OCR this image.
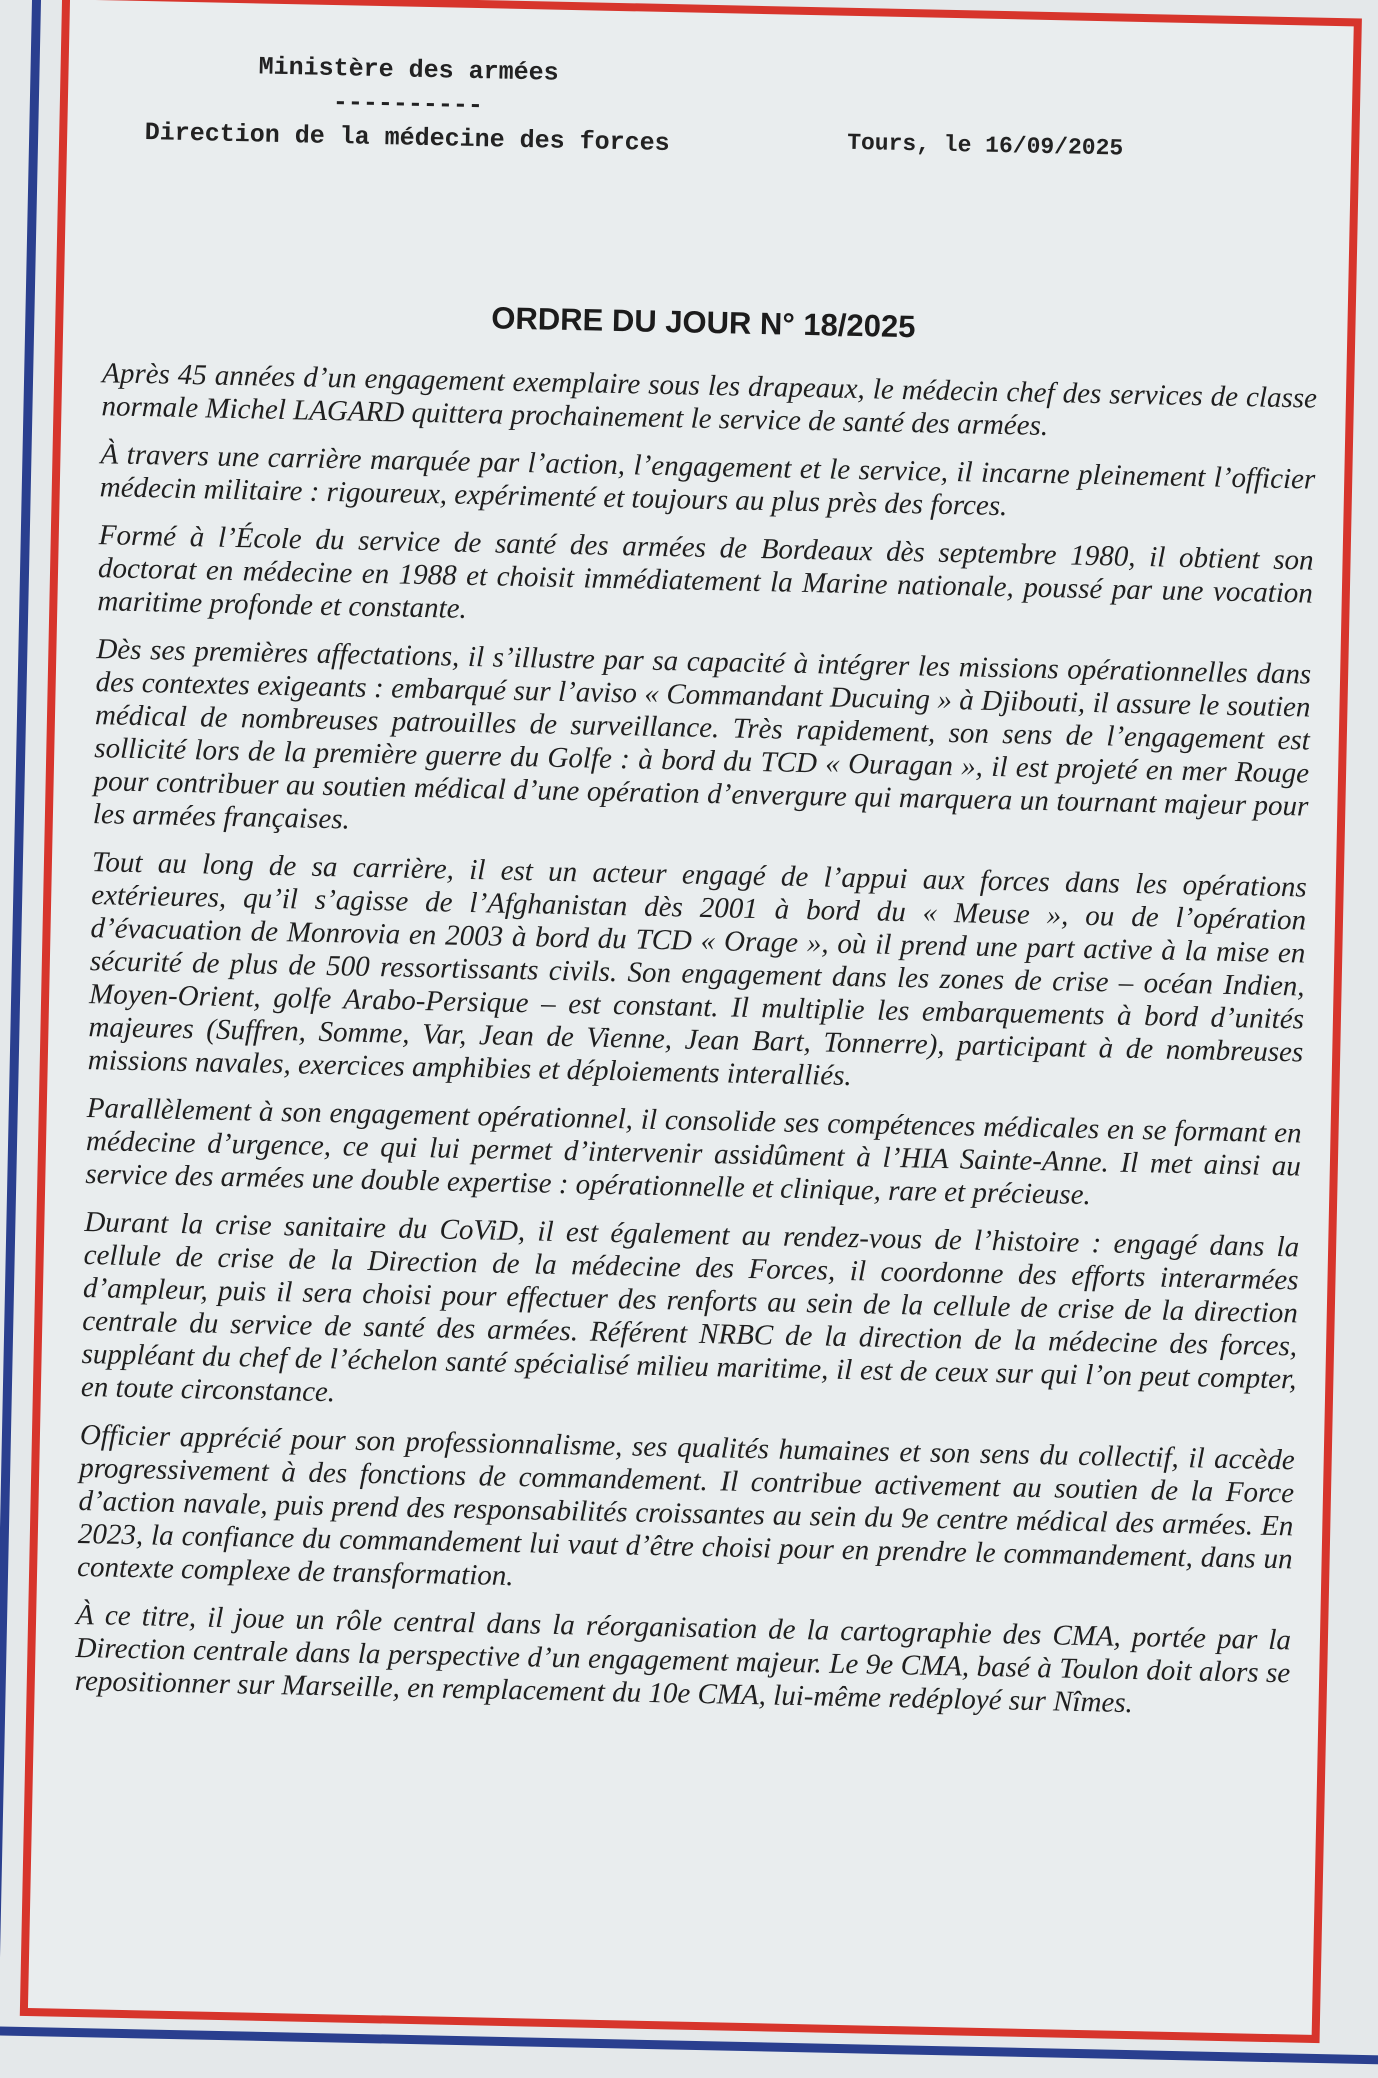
Ministère des armées
----------
Direction de la médecine des forces	Tours, le 16/09/2025
ORDRE DU JOUR N° 18/2025

Après 45 années d’un engagement exemplaire sous les drapeaux, le médecin chef des services de classe normale Michel LAGARD quittera prochainement le service de santé des armées.

À travers une carrière marquée par l’action, l’engagement et le service, il incarne pleinement l’officier médecin militaire : rigoureux, expérimenté et toujours au plus près des forces.

Formé à l’École du service de santé des armées de Bordeaux dès septembre 1980, il obtient son doctorat en médecine en 1988 et choisit immédiatement la Marine nationale, poussé par une vocation maritime profonde et constante.

Dès ses premières affectations, il s’illustre par sa capacité à intégrer les missions opérationnelles dans des contextes exigeants : embarqué sur l’aviso « Commandant Ducuing » à Djibouti, il assure le soutien médical de nombreuses patrouilles de surveillance. Très rapidement, son sens de l’engagement est sollicité lors de la première guerre du Golfe : à bord du TCD « Ouragan », il est projeté en mer Rouge pour contribuer au soutien médical d’une opération d’envergure qui marquera un tournant majeur pour les armées françaises.

Tout au long de sa carrière, il est un acteur engagé de l’appui aux forces dans les opérations extérieures, qu’il s’agisse de l’Afghanistan dès 2001 à bord du « Meuse », ou de l’opération d’évacuation de Monrovia en 2003 à bord du TCD « Orage », où il prend une part active à la mise en sécurité de plus de 500 ressortissants civils. Son engagement dans les zones de crise – océan Indien, Moyen-Orient, golfe Arabo-Persique – est constant. Il multiplie les embarquements à bord d’unités majeures (Suffren, Somme, Var, Jean de Vienne, Jean Bart, Tonnerre), participant à de nombreuses missions navales, exercices amphibies et déploiements interalliés.

Parallèlement à son engagement opérationnel, il consolide ses compétences médicales en se formant en médecine d’urgence, ce qui lui permet d’intervenir assidûment à l’HIA Sainte-Anne. Il met ainsi au service des armées une double expertise : opérationnelle et clinique, rare et précieuse.

Durant la crise sanitaire du CoViD, il est également au rendez-vous de l’histoire : engagé dans la cellule de crise de la Direction de la médecine des Forces, il coordonne des efforts interarmées d’ampleur, puis il sera choisi pour effectuer des renforts au sein de la cellule de crise de la direction centrale du service de santé des armées. Référent NRBC de la direction de la médecine des forces, suppléant du chef de l’échelon santé spécialisé milieu maritime, il est de ceux sur qui l’on peut compter, en toute circonstance.

Officier apprécié pour son professionnalisme, ses qualités humaines et son sens du collectif, il accède progressivement à des fonctions de commandement. Il contribue activement au soutien de la Force d’action navale, puis prend des responsabilités croissantes au sein du 9e centre médical des armées. En 2023, la confiance du commandement lui vaut d’être choisi pour en prendre le commandement, dans un contexte complexe de transformation.

À ce titre, il joue un rôle central dans la réorganisation de la cartographie des CMA, portée par la Direction centrale dans la perspective d’un engagement majeur. Le 9e CMA, basé à Toulon doit alors se repositionner sur Marseille, en remplacement du 10e CMA, lui-même redéployé sur Nîmes.
